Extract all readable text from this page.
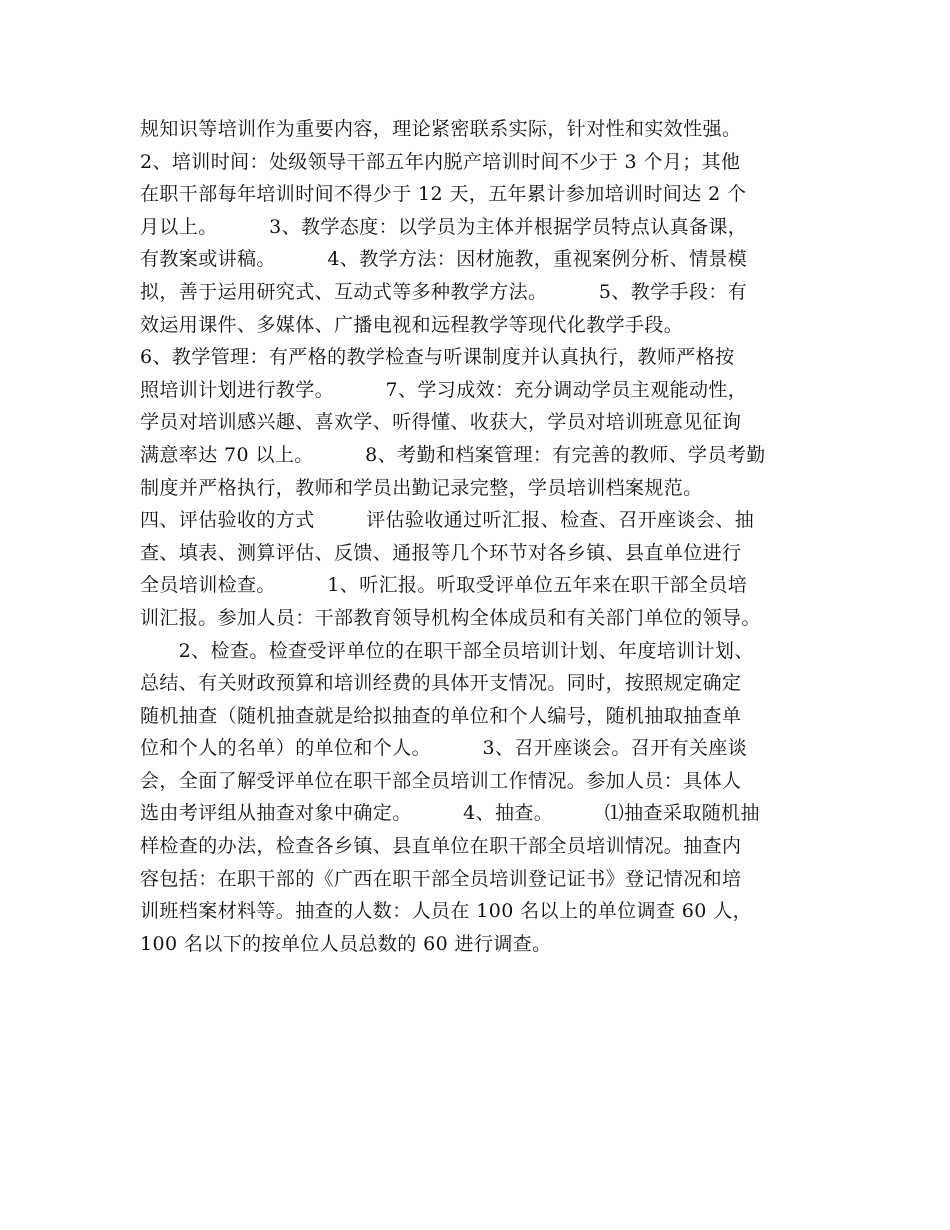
规知识等培训作为重要内容，理论紧密联系实际，针对性和实效性强。
2、培训时间：处级领导干部五年内脱产培训时间不少于 3 个月；其他
在职干部每年培训时间不得少于 12 天，五年累计参加培训时间达 2 个
月以上。        3、教学态度：以学员为主体并根据学员特点认真备课，
有教案或讲稿。        4、教学方法：因材施教，重视案例分析、情景模
拟，善于运用研究式、互动式等多种教学方法。        5、教学手段：有
效运用课件、多媒体、广播电视和远程教学等现代化教学手段。
6、教学管理：有严格的教学检查与听课制度并认真执行，教师严格按
照培训计划进行教学。        7、学习成效：充分调动学员主观能动性，
学员对培训感兴趣、喜欢学、听得懂、收获大，学员对培训班意见征询
满意率达 70 以上。        8、考勤和档案管理：有完善的教师、学员考勤
制度并严格执行，教师和学员出勤记录完整，学员培训档案规范。
四、评估验收的方式        评估验收通过听汇报、检查、召开座谈会、抽
查、填表、测算评估、反馈、通报等几个环节对各乡镇、县直单位进行
全员培训检查。        1、听汇报。听取受评单位五年来在职干部全员培
训汇报。参加人员：干部教育领导机构全体成员和有关部门单位的领导。
2、检查。检查受评单位的在职干部全员培训计划、年度培训计划、
总结、有关财政预算和培训经费的具体开支情况。同时，按照规定确定
随机抽查（随机抽查就是给拟抽查的单位和个人编号，随机抽取抽查单
位和个人的名单）的单位和个人。        3、召开座谈会。召开有关座谈
会，全面了解受评单位在职干部全员培训工作情况。参加人员：具体人
选由考评组从抽查对象中确定。        4、抽查。        ⑴抽查采取随机抽
样检查的办法，检查各乡镇、县直单位在职干部全员培训情况。抽查内
容包括：在职干部的《广西在职干部全员培训登记证书》登记情况和培
训班档案材料等。抽查的人数：人员在 100 名以上的单位调查 60 人，
100 名以下的按单位人员总数的 60 进行调查。
